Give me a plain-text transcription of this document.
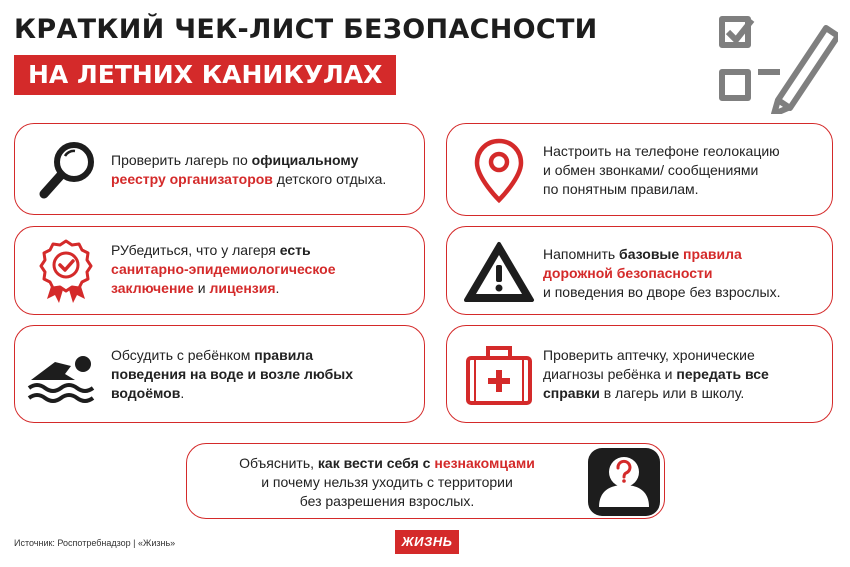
КРАТКИЙ ЧЕК-ЛИСТ БЕЗОПАСНОСТИ
НА ЛЕТНИХ КАНИКУЛАХ
Проверить лагерь по официальному
реестру организаторов детского отдыха.
РУбедиться, что у лагеря есть
санитарно-эпидемиологическое
заключение и лицензия.
Обсудить с ребёнком правила
поведения на воде и возле любых
водоёмов.
Настроить на телефоне геолокацию
и обмен звонками/ сообщениями
по понятным правилам.
Напомнить базовые правила
дорожной безопасности
и поведения во дворе без взрослых.
Проверить аптечку, хронические
диагнозы ребёнка и передать все
справки в лагерь или в школу.
Объяснить, как вести себя с незнакомцами
и почему нельзя уходить с территории
без разрешения взрослых.
Источник: Роспотребнадзор | «Жизнь»	ЖИЗНЬ
